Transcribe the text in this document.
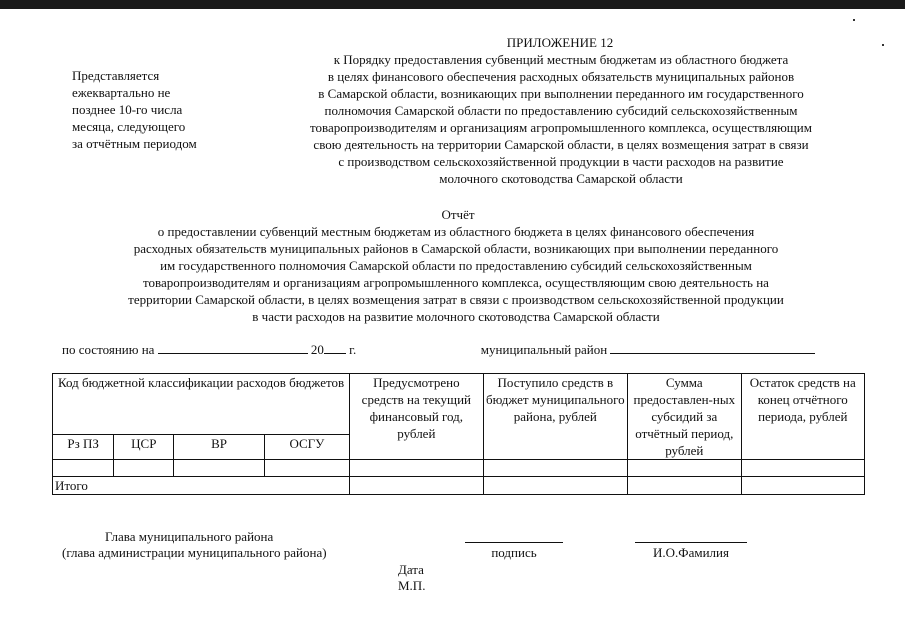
ПРИЛОЖЕНИЕ 12
к Порядку предоставления субвенций местным бюджетам из областного бюджета
в целях финансового обеспечения расходных обязательств муниципальных районов
в Самарской области, возникающих при выполнении переданного им государственного
полномочия Самарской области по предоставлению субсидий сельскохозяйственным
товаропроизводителям и организациям агропромышленного комплекса, осуществляющим
свою деятельность на территории Самарской области, в целях возмещения затрат в связи
с производством сельскохозяйственной продукции в части расходов на развитие
молочного скотоводства Самарской области
Представляется
ежеквартально не
позднее 10-го числа
месяца, следующего
за отчётным периодом
Отчёт
о предоставлении субвенций местным бюджетам из областного бюджета в целях финансового обеспечения
расходных обязательств муниципальных районов в Самарской области, возникающих при выполнении переданного
им государственного полномочия Самарской области по предоставлению субсидий сельскохозяйственным
товаропроизводителям и организациям агропромышленного комплекса, осуществляющим свою деятельность на
территории Самарской области, в целях возмещения затрат в связи с производством сельскохозяйственной продукции
в части расходов на развитие молочного скотоводства Самарской области
по состоянию на	20 г.	муниципальный район
Код бюджетной классификации расходов бюджетов				Предусмотрено средств на текущий финансовый год, рублей	Поступило средств в бюджет муниципального района, рублей	Сумма предоставлен-ных субсидий за отчётный период, рублей	Остаток средств на конец отчётного периода, рублей
Рз ПЗ	ЦСР	ВР	ОСГУ				

Итого							
Глава муниципального района
(глава администрации муниципального района)	подпись	И.О.Фамилия
Дата
М.П.
